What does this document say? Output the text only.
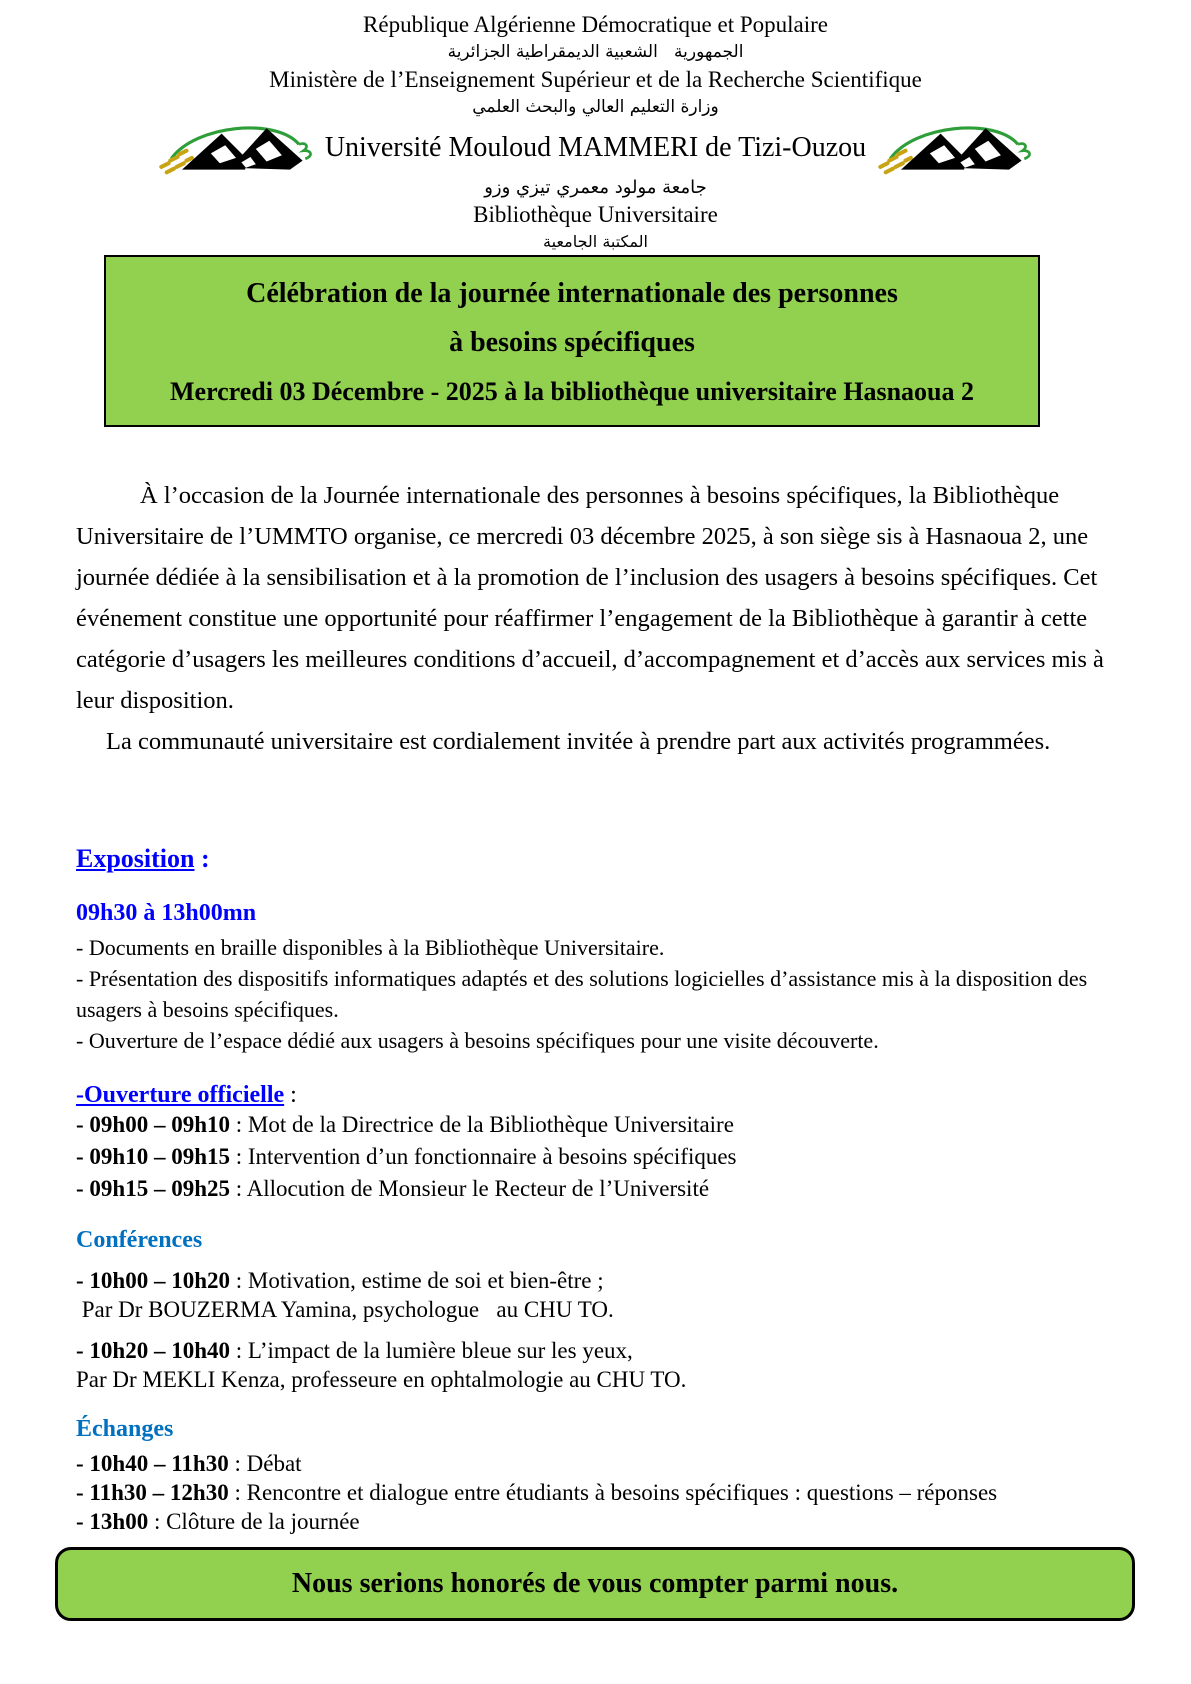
République Algérienne Démocratique et Populaire
الجمهورية   الشعبية الديمقراطية الجزائرية
Ministère de l’Enseignement Supérieur et de la Recherche Scientifique
وزارة التعليم العالي والبحث العلمي
Université Mouloud MAMMERI de Tizi-Ouzou
جامعة مولود معمري تيزي وزو
Bibliothèque Universitaire
المكتبة الجامعية
Célébration de la journée internationale des personnes
à besoins spécifiques
Mercredi 03 Décembre - 2025 à la bibliothèque universitaire Hasnaoua 2

À l’occasion de la Journée internationale des personnes à besoins spécifiques, la Bibliothèque Universitaire de l’UMMTO organise, ce mercredi 03 décembre 2025, à son siège sis à Hasnaoua 2, une journée dédiée à la sensibilisation et à la promotion de l’inclusion des usagers à besoins spécifiques. Cet événement constitue une opportunité pour réaffirmer l’engagement de la Bibliothèque à garantir à cette catégorie d’usagers les meilleures conditions d’accueil, d’accompagnement et d’accès aux services mis à leur disposition.

La communauté universitaire est cordialement invitée à prendre part aux activités programmées.

Exposition :
09h30 à 13h00mn
- Documents en braille disponibles à la Bibliothèque Universitaire.
- Présentation des dispositifs informatiques adaptés et des solutions logicielles d’assistance mis à la disposition des usagers à besoins spécifiques.
- Ouverture de l’espace dédié aux usagers à besoins spécifiques pour une visite découverte.
-Ouverture officielle :
- 09h00 – 09h10 : Mot de la Directrice de la Bibliothèque Universitaire
- 09h10 – 09h15 : Intervention d’un fonctionnaire à besoins spécifiques
- 09h15 – 09h25 : Allocution de Monsieur le Recteur de l’Université
Conférences
- 10h00 – 10h20 : Motivation, estime de soi et bien-être ;
Par Dr BOUZERMA Yamina, psychologue   au CHU TO.
- 10h20 – 10h40 : L’impact de la lumière bleue sur les yeux,
Par Dr MEKLI Kenza, professeure en ophtalmologie au CHU TO.
Échanges
- 10h40 – 11h30 : Débat
- 11h30 – 12h30 : Rencontre et dialogue entre étudiants à besoins spécifiques : questions – réponses
- 13h00 : Clôture de la journée
Nous serions honorés de vous compter parmi nous.
